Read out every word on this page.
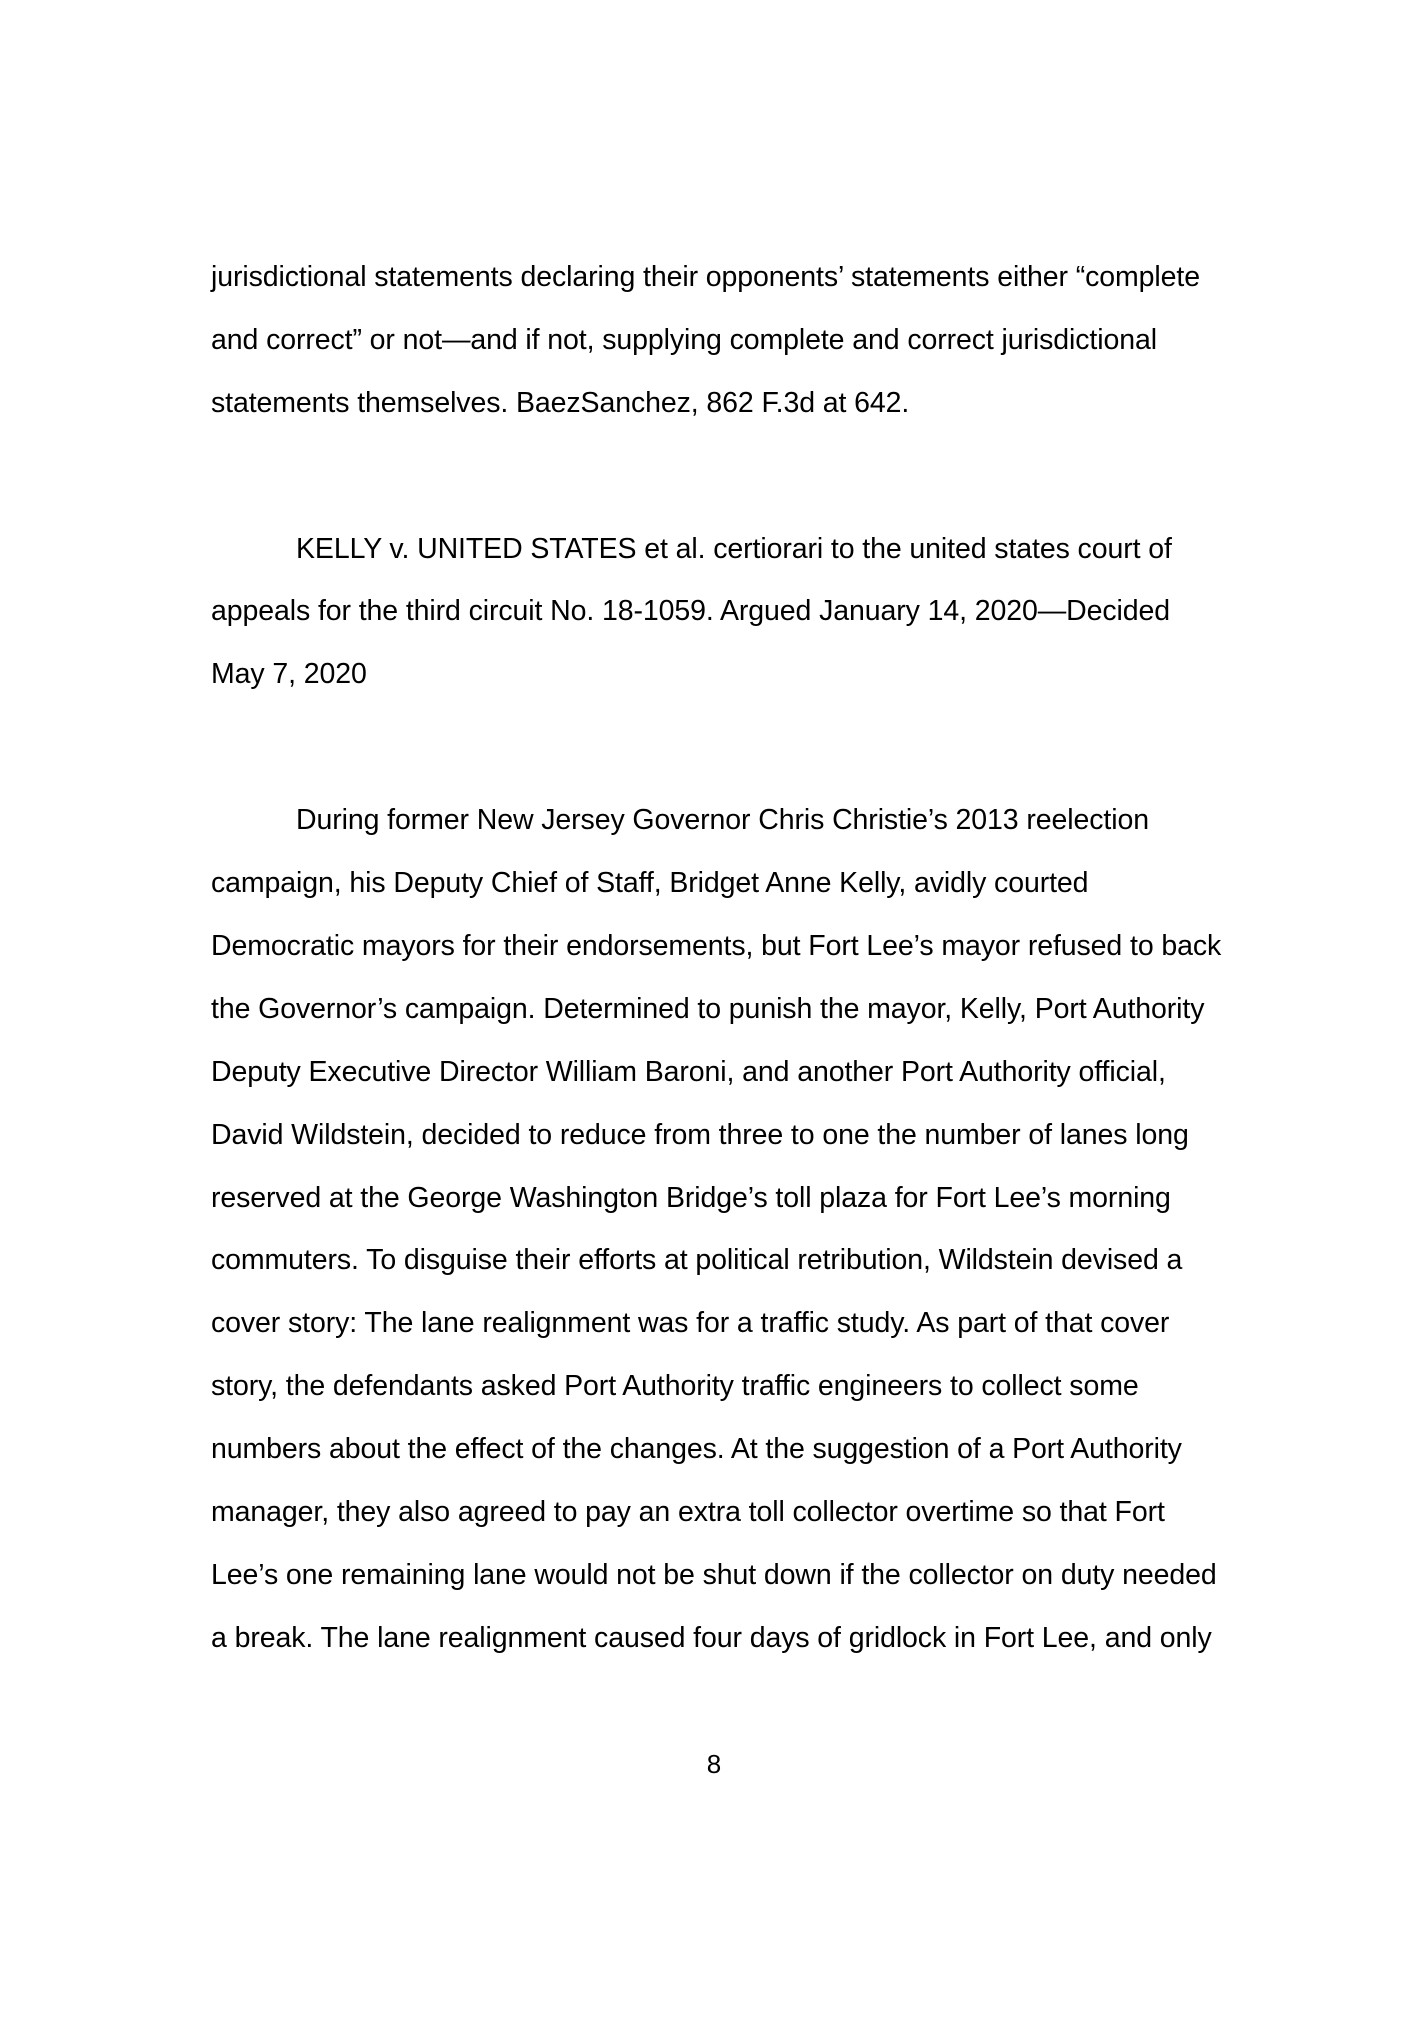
jurisdictional statements declaring their opponents’ statements either “complete
and correct” or not—and if not, supplying complete and correct jurisdictional
statements themselves. BaezSanchez, 862 F.3d at 642.
KELLY v. UNITED STATES et al. certiorari to the united states court of
appeals for the third circuit No. 18-1059. Argued January 14, 2020—Decided
May 7, 2020
During former New Jersey Governor Chris Christie’s 2013 reelection
campaign, his Deputy Chief of Staff, Bridget Anne Kelly, avidly courted
Democratic mayors for their endorsements, but Fort Lee’s mayor refused to back
the Governor’s campaign. Determined to punish the mayor, Kelly, Port Authority
Deputy Executive Director William Baroni, and another Port Authority official,
David Wildstein, decided to reduce from three to one the number of lanes long
reserved at the George Washington Bridge’s toll plaza for Fort Lee’s morning
commuters. To disguise their efforts at political retribution, Wildstein devised a
cover story: The lane realignment was for a traffic study. As part of that cover
story, the defendants asked Port Authority traffic engineers to collect some
numbers about the effect of the changes. At the suggestion of a Port Authority
manager, they also agreed to pay an extra toll collector overtime so that Fort
Lee’s one remaining lane would not be shut down if the collector on duty needed
a break. The lane realignment caused four days of gridlock in Fort Lee, and only
8
